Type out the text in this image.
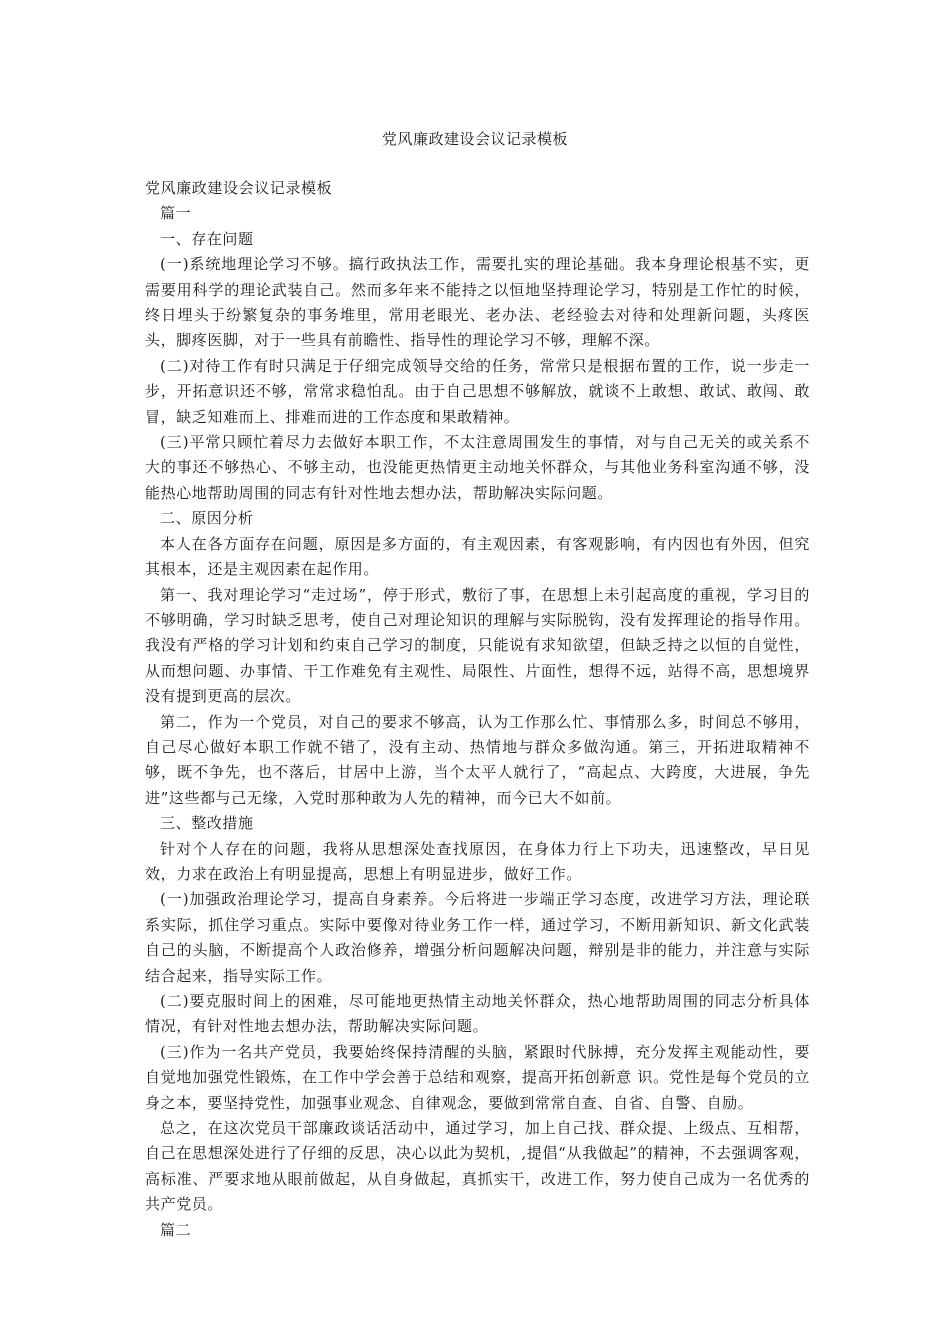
党风廉政建设会议记录模板

党风廉政建设会议记录模板

篇一

一、存在问题

(一)系统地理论学习不够。搞行政执法工作，需要扎实的理论基础。我本身理论根基不实，更需要用科学的理论武装自己。然而多年来不能持之以恒地坚持理论学习，特别是工作忙的时候，终日埋头于纷繁复杂的事务堆里，常用老眼光、老办法、老经验去对待和处理新问题，头疼医头，脚疼医脚，对于一些具有前瞻性、指导性的理论学习不够，理解不深。

(二)对待工作有时只满足于仔细完成领导交给的任务，常常只是根据布置的工作，说一步走一步，开拓意识还不够，常常求稳怕乱。由于自己思想不够解放，就谈不上敢想、敢试、敢闯、敢冒，缺乏知难而上、排难而进的工作态度和果敢精神。

(三)平常只顾忙着尽力去做好本职工作，不太注意周围发生的事情，对与自己无关的或关系不大的事还不够热心、不够主动，也没能更热情更主动地关怀群众，与其他业务科室沟通不够，没能热心地帮助周围的同志有针对性地去想办法，帮助解决实际问题。

二、原因分析

本人在各方面存在问题，原因是多方面的，有主观因素，有客观影响，有内因也有外因，但究其根本，还是主观因素在起作用。

第一、我对理论学习“走过场”，停于形式，敷衍了事，在思想上未引起高度的重视，学习目的不够明确，学习时缺乏思考，使自己对理论知识的理解与实际脱钩，没有发挥理论的指导作用。我没有严格的学习计划和约束自己学习的制度，只能说有求知欲望，但缺乏持之以恒的自觉性，从而想问题、办事情、干工作难免有主观性、局限性、片面性，想得不远，站得不高，思想境界没有提到更高的层次。

第二，作为一个党员，对自己的要求不够高，认为工作那么忙、事情那么多，时间总不够用，自己尽心做好本职工作就不错了，没有主动、热情地与群众多做沟通。第三，开拓进取精神不够，既不争先，也不落后，甘居中上游，当个太平人就行了，“高起点、大跨度，大进展，争先进”这些都与己无缘，入党时那种敢为人先的精神，而今已大不如前。

三、整改措施

针对个人存在的问题，我将从思想深处查找原因，在身体力行上下功夫，迅速整改，早日见效，力求在政治上有明显提高，思想上有明显进步，做好工作。

(一)加强政治理论学习，提高自身素养。今后将进一步端正学习态度，改进学习方法，理论联系实际，抓住学习重点。实际中要像对待业务工作一样，通过学习，不断用新知识、新文化武装自己的头脑，不断提高个人政治修养，增强分析问题解决问题，辩别是非的能力，并注意与实际结合起来，指导实际工作。

(二)要克服时间上的困难，尽可能地更热情主动地关怀群众，热心地帮助周围的同志分析具体情况，有针对性地去想办法，帮助解决实际问题。

(三)作为一名共产党员，我要始终保持清醒的头脑，紧跟时代脉搏，充分发挥主观能动性，要自觉地加强党性锻炼，在工作中学会善于总结和观察，提高开拓创新意 识。党性是每个党员的立身之本，要坚持党性，加强事业观念、自律观念，要做到常常自查、自省、自警、自励。

总之，在这次党员干部廉政谈话活动中，通过学习，加上自己找、群众提、上级点、互相帮，自己在思想深处进行了仔细的反思，决心以此为契机，,提倡“从我做起”的精神，不去强调客观，高标准、严要求地从眼前做起，从自身做起，真抓实干，改进工作，努力使自己成为一名优秀的共产党员。

篇二
